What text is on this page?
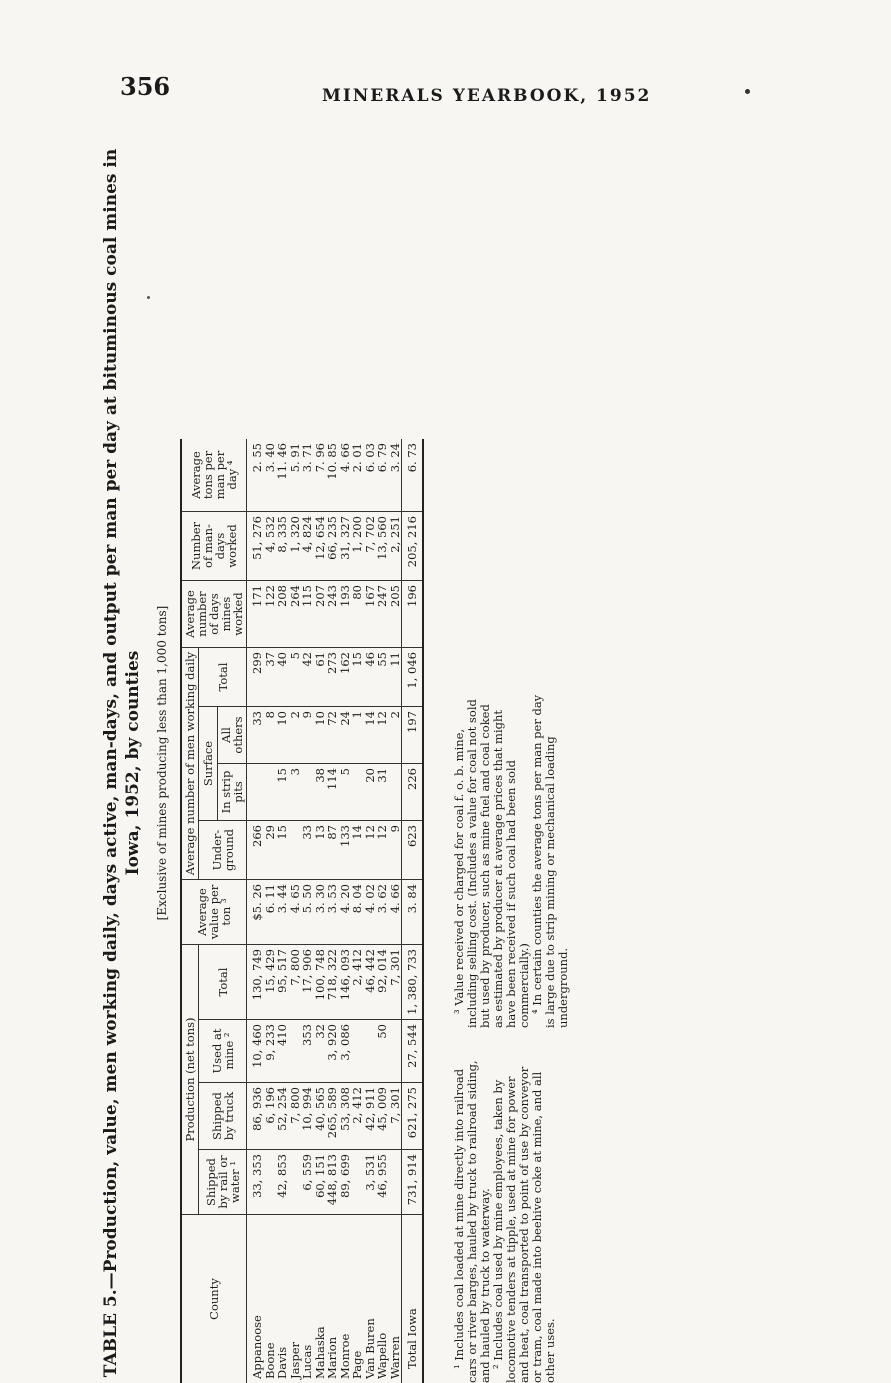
356	MINERALS YEARBOOK, 1952
TABLE 5.—Production, value, men working daily, days active, man-days, and output per man per day at bituminous coal mines in Iowa, 1952, by counties [Exclusive of mines producing less than 1,000 tons]
County	Production (net tons)				Average value per ton ³	Average number of men working daily				Average number of days mines worked	Number of man-days worked	Average tons per man per day ⁴
	Shipped by rail or water ¹	Shipped by truck	Used at mine ²	Total		Under-ground	Surface		Total			
							In strip pits	All others				
Appanoose	33, 353	86, 936	10, 460	130, 749	$5. 26	266		33	299	171	51, 276	2. 55
Boone		6, 196	9, 233	15, 429	6. 11	29		8	37	122	4, 532	3. 40
Davis	42, 853	52, 254	410	95, 517	3. 44	15	15	10	40	208	8, 335	11. 46
Jasper		7, 800		7, 800	4. 65		3	2	5	264	1, 320	5. 91
Lucas	6, 559	10, 994	353	17, 906	5. 50	33		9	42	115	4, 824	3. 71
Mahaska	60, 151	40, 565	32	100, 748	3. 30	13	38	10	61	207	12, 654	7. 96
Marion	448, 813	265, 589	3, 920	718, 322	3. 53	87	114	72	273	243	66, 235	10. 85
Monroe	89, 699	53, 308	3, 086	146, 093	4. 20	133	5	24	162	193	31, 327	4. 66
Page		2, 412		2, 412	8. 04	14		1	15	80	1, 200	2. 01
Van Buren	3, 531	42, 911		46, 442	4. 02	12	20	14	46	167	7, 702	6. 03
Wapello	46, 955	45, 009	50	92, 014	3. 62	12	31	12	55	247	13, 560	6. 79
Warren		7, 301		7, 301	4. 66	9		2	11	205	2, 251	3. 24
Total Iowa	731, 914	621, 275	27, 544	1, 380, 733	3. 84	623	226	197	1, 046	196	205, 216	6. 73

¹ Includes coal loaded at mine directly into railroad cars or river barges, hauled by truck to railroad siding, and hauled by truck to waterway. ² Includes coal used by mine employees, taken by locomotive tenders at tipple, used at mine for power and heat, coal transported to point of use by conveyor or tram, coal made into beehive coke at mine, and all other uses.

³ Value received or charged for coal f. o. b. mine, including selling cost. (Includes a value for coal not sold but used by producer, such as mine fuel and coal coked as estimated by producer at average prices that might have been received if such coal had been sold commercially.) ⁴ In certain counties the average tons per man per day is large due to strip mining or mechanical loading underground.
